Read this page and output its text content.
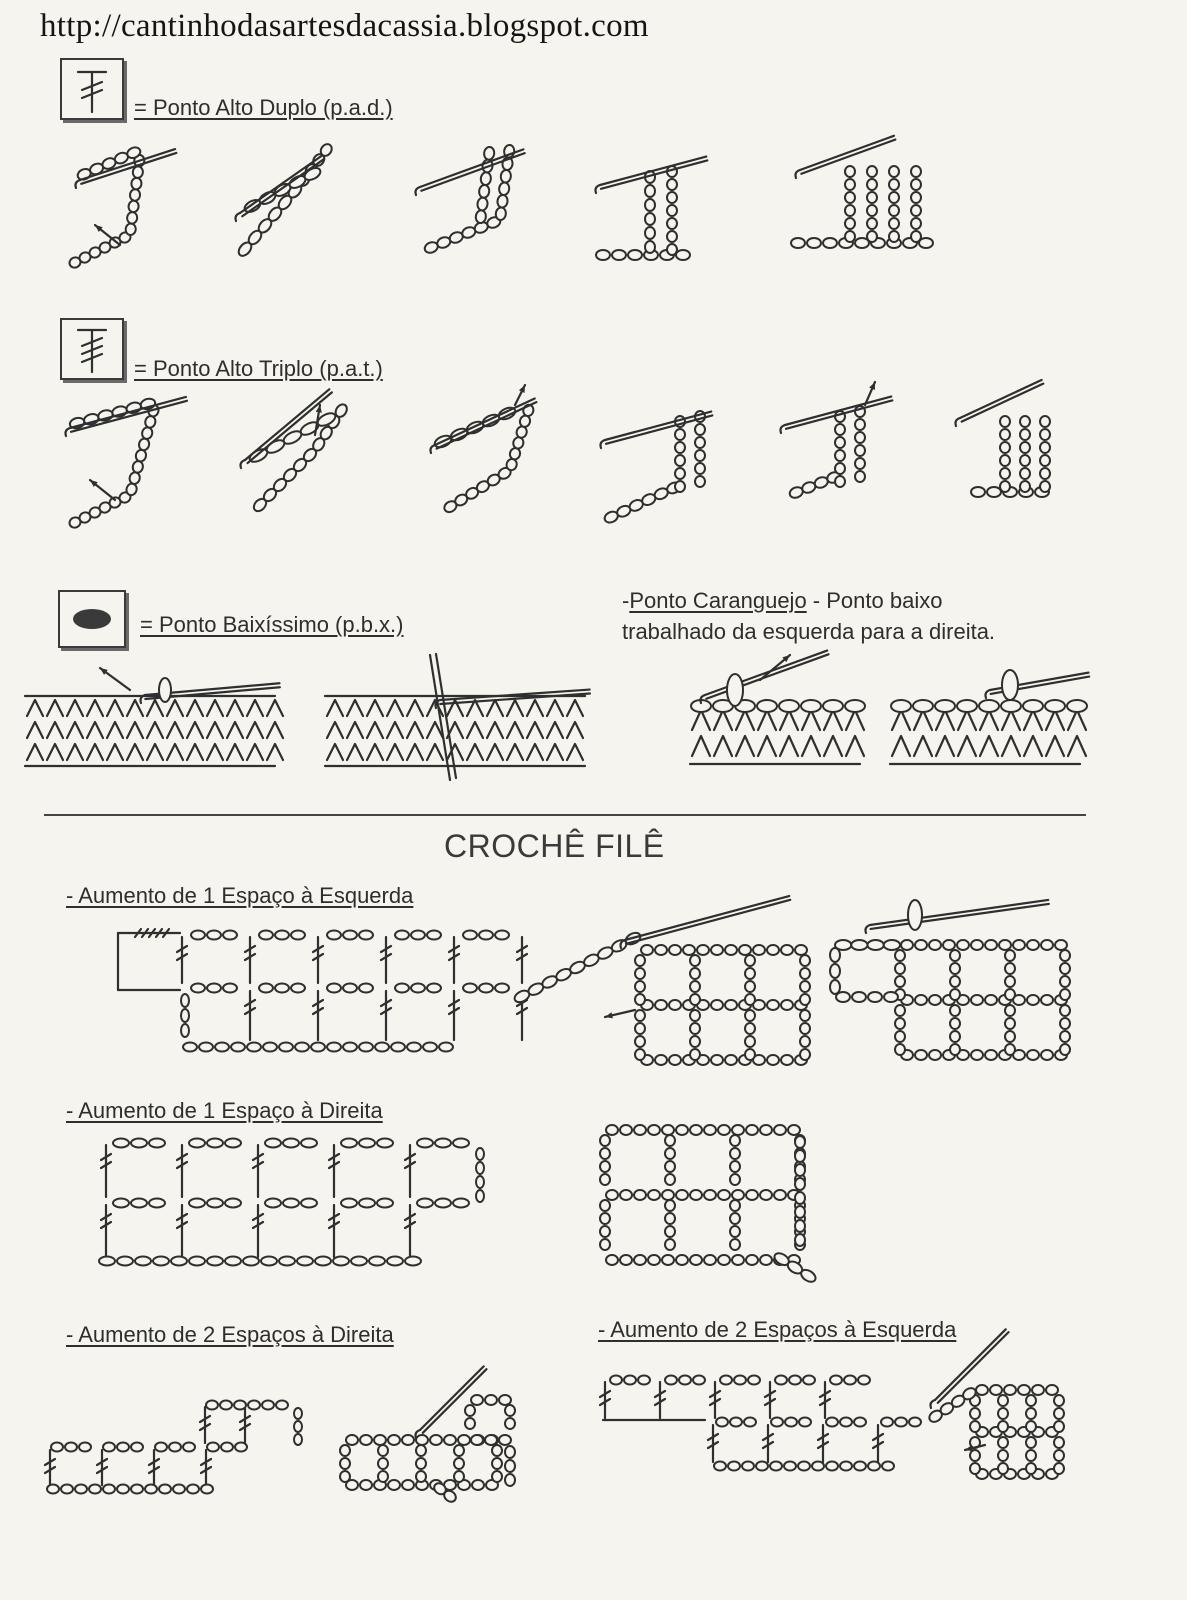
http://cantinhodasartesdacassia.blogspot.com
= Ponto Alto Duplo (p.a.d.)
= Ponto Alto Triplo (p.a.t.)
= Ponto Baixíssimo (p.b.x.)
-Ponto Caranguejo - Ponto baixo
trabalhado da esquerda para a direita.
CROCHÊ FILÊ
- Aumento de 1 Espaço à Esquerda
- Aumento de 1 Espaço à Direita
- Aumento de 2 Espaços à Direita	- Aumento de 2 Espaços à Esquerda
